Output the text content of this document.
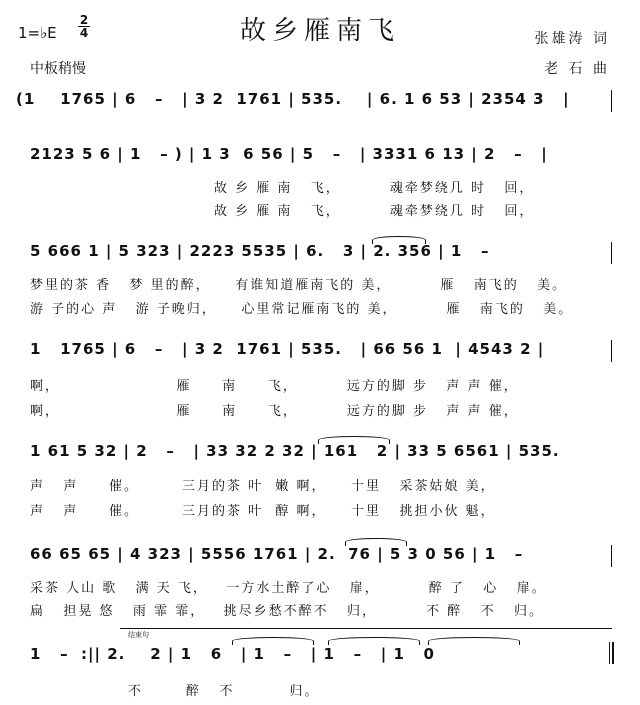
故乡雁南飞
1=♭E $\frac{2}{4}$
中板稍慢
张雄涛 词
老 石 曲
(1    1765 | 6   –   | 3 2  1761 | 535.    | 6. 1 6 53 | 2354 3   |
2123 5 6 | 1   – ) | 1 3  6 56 | 5   –   | 3331 6 13 | 2   –   |
故 乡 雁 南   飞，        魂牵梦绕几 时   回，
故 乡 雁 南   飞，        魂牵梦绕几 时   回，
5 666 1 | 5 323 | 2223 5535 | 6.   3 | 2. 356 | 1   –
梦里的茶 香   梦 里的醉，    有谁知道雁南飞的 美，        雁   南飞的   美。
游 子的心 声   游 子晚归，    心里常记雁南飞的 美，        雁   南飞的   美。
1   1765 | 6   –   | 3 2  1761 | 535.   | 66 56 1  | 4543 2 |
啊，                   雁     南     飞，        远方的脚 步   声 声 催，
啊，                   雁     南     飞，        远方的脚 步   声 声 催，
1 61 5 32 | 2   –   | 33 32 2 32 | 161   2 | 33 5 6561 | 535.
声   声     催。       三月的茶 叶  嫩 啊，    十里   采茶姑娘 美，
声   声     催。       三月的茶 叶  醇 啊，    十里   挑担小伙 魁，
66 65 65 | 4 323 | 5556 1761 | 2.  76 | 5 3 0 56 | 1   –
采茶 人山 歌   满 天 飞，   一方水土醉了心   扉，        醉 了   心   扉。
扁   担晃 悠   雨 霏 霏，   挑尽乡愁不醉不   归，        不 醉   不   归。
结束句
1   –  :|| 2.    2 | 1   6   | 1   –   | 1   –   | 1   0
不       醉   不         归。
